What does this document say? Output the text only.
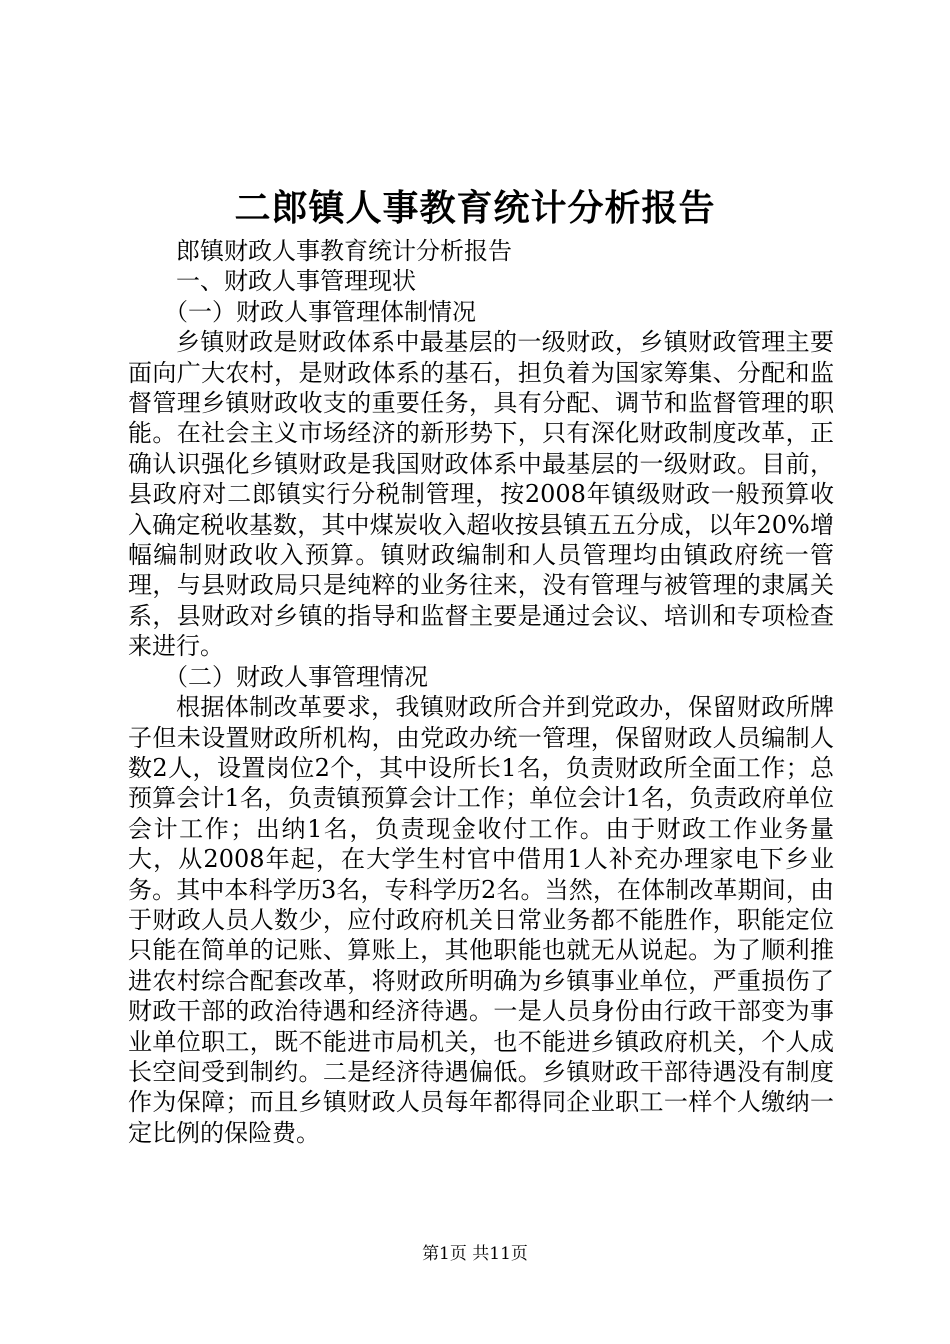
二郎镇人事教育统计分析报告

郎镇财政人事教育统计分析报告

一、财政人事管理现状

（一）财政人事管理体制情况

乡镇财政是财政体系中最基层的一级财政，乡镇财政管理主要面向广大农村，是财政体系的基石，担负着为国家筹集、分配和监督管理乡镇财政收支的重要任务，具有分配、调节和监督管理的职能。在社会主义市场经济的新形势下，只有深化财政制度改革，正确认识强化乡镇财政是我国财政体系中最基层的一级财政。目前，县政府对二郎镇实行分税制管理，按2008年镇级财政一般预算收入确定税收基数，其中煤炭收入超收按县镇五五分成，以年20%增幅编制财政收入预算。镇财政编制和人员管理均由镇政府统一管理，与县财政局只是纯粹的业务往来，没有管理与被管理的隶属关系，县财政对乡镇的指导和监督主要是通过会议、培训和专项检查来进行。

（二）财政人事管理情况

根据体制改革要求，我镇财政所合并到党政办，保留财政所牌子但未设置财政所机构，由党政办统一管理，保留财政人员编制人数2人，设置岗位2个，其中设所长1名，负责财政所全面工作；总预算会计1名，负责镇预算会计工作；单位会计1名，负责政府单位会计工作；出纳1名，负责现金收付工作。由于财政工作业务量大，从2008年起，在大学生村官中借用1人补充办理家电下乡业务。其中本科学历3名，专科学历2名。当然，在体制改革期间，由于财政人员人数少，应付政府机关日常业务都不能胜作，职能定位只能在简单的记账、算账上，其他职能也就无从说起。为了顺利推进农村综合配套改革，将财政所明确为乡镇事业单位，严重损伤了财政干部的政治待遇和经济待遇。一是人员身份由行政干部变为事业单位职工，既不能进市局机关，也不能进乡镇政府机关，个人成长空间受到制约。二是经济待遇偏低。乡镇财政干部待遇没有制度作为保障；而且乡镇财政人员每年都得同企业职工一样个人缴纳一定比例的保险费。

第1页 共11页
